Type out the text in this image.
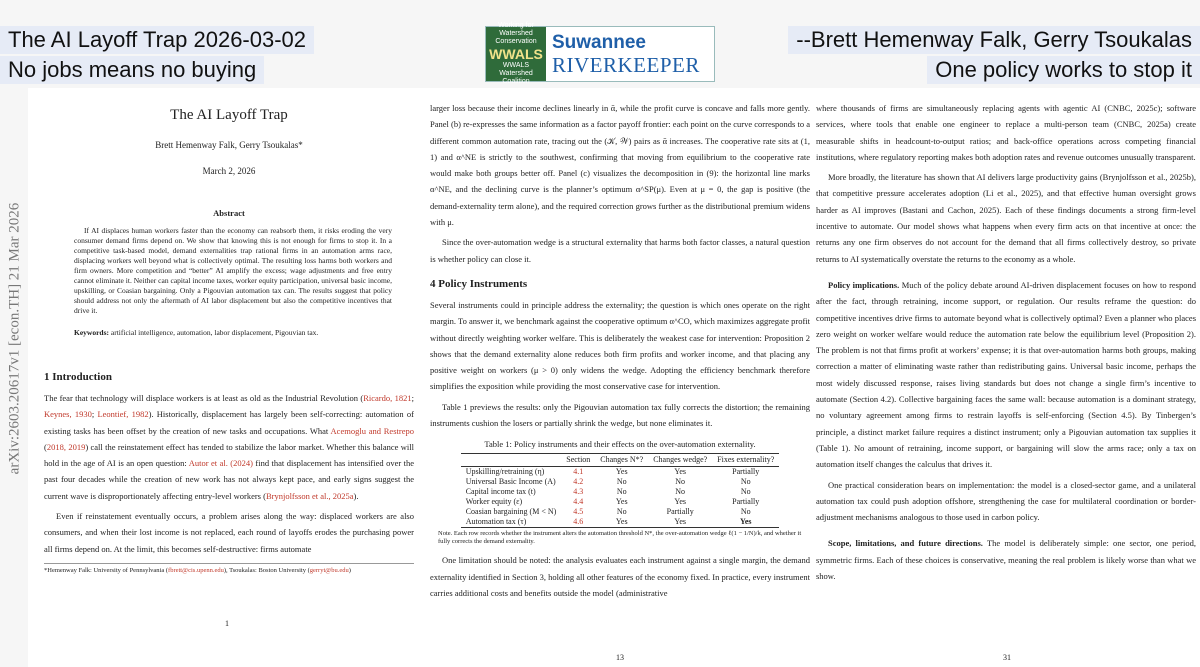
The AI Layoff Trap 2026-03-02
No jobs means no buying
--Brett Hemenway Falk, Gerry Tsoukalas
One policy works to stop it
Working for Watershed Conservation
WWALS
WWALS Watershed Coalition
Suwannee
RIVERKEEPER
arXiv:2603.20617v1 [econ.TH] 21 Mar 2026
The AI Layoff Trap
Brett Hemenway Falk, Gerry Tsoukalas*
March 2, 2026
Abstract
If AI displaces human workers faster than the economy can reabsorb them, it risks eroding the very consumer demand firms depend on. We show that knowing this is not enough for firms to stop it. In a competitive task-based model, demand externalities trap rational firms in an automation arms race, displacing workers well beyond what is collectively optimal. The resulting loss harms both workers and firm owners. More competition and “better” AI amplify the excess; wage adjustments and free entry cannot eliminate it. Neither can capital income taxes, worker equity participation, universal basic income, upskilling, or Coasian bargaining. Only a Pigouvian automation tax can. The results suggest that policy should address not only the aftermath of AI labor displacement but also the competitive incentives that drive it.
Keywords: artificial intelligence, automation, labor displacement, Pigouvian tax.
1 Introduction
The fear that technology will displace workers is at least as old as the Industrial Revolution (Ricardo, 1821; Keynes, 1930; Leontief, 1982). Historically, displacement has largely been self-correcting: automation of existing tasks has been offset by the creation of new tasks and occupations. What Acemoglu and Restrepo (2018, 2019) call the reinstatement effect has tended to stabilize the labor market. Whether this balance will hold in the age of AI is an open question: Autor et al. (2024) find that displacement has intensified over the past four decades while the creation of new work has not always kept pace, and early signs suggest the current wave is disproportionately affecting entry-level workers (Brynjolfsson et al., 2025a).
Even if reinstatement eventually occurs, a problem arises along the way: displaced workers are also consumers, and when their lost income is not replaced, each round of layoffs erodes the purchasing power all firms depend on. At the limit, this becomes self-destructive: firms automate
*Hemenway Falk: University of Pennsylvania (fbrett@cis.upenn.edu), Tsoukalas: Boston University (gerryt@bu.edu)
1
larger loss because their income declines linearly in ᾱ, while the profit curve is concave and falls more gently. Panel (b) re-expresses the same information as a factor payoff frontier: each point on the curve corresponds to a different common automation rate, tracing out the (𝒦, 𝒲) pairs as ᾱ increases. The cooperative rate sits at (1, 1) and α^NE is strictly to the southwest, confirming that moving from equilibrium to the cooperative rate would make both groups better off. Panel (c) visualizes the decomposition in (9): the horizontal line marks α^NE, and the declining curve is the planner’s optimum α^SP(μ). Even at μ = 0, the gap is positive (the demand-externality term alone), and the required correction grows further as the distributional premium widens with μ.
Since the over-automation wedge is a structural externality that harms both factor classes, a natural question is whether policy can close it.
4 Policy Instruments
Several instruments could in principle address the externality; the question is which ones operate on the right margin. To answer it, we benchmark against the cooperative optimum α^CO, which maximizes aggregate profit without directly weighting worker welfare. This is deliberately the weakest case for intervention: Proposition 2 shows that the demand externality alone reduces both firm profits and worker income, and that placing any positive weight on workers (μ > 0) only widens the wedge. Adopting the efficiency benchmark therefore simplifies the exposition while providing the most conservative case for intervention.
Table 1 previews the results: only the Pigouvian automation tax fully corrects the distortion; the remaining instruments cushion the losers or partially shrink the wedge, but none eliminates it.
Table 1: Policy instruments and their effects on the over-automation externality.
	Section	Changes N*?	Changes wedge?	Fixes externality?
Upskilling/retraining (η)	4.1	Yes	Yes	Partially
Universal Basic Income (A)	4.2	No	No	No
Capital income tax (t)	4.3	No	No	No
Worker equity (ε)	4.4	Yes	Yes	Partially
Coasian bargaining (M < N)	4.5	No	Partially	No
Automation tax (τ)	4.6	Yes	Yes	Yes
Note. Each row records whether the instrument alters the automation threshold N*, the over-automation wedge ℓ(1 − 1/N)/k, and whether it fully corrects the demand externality.
One limitation should be noted: the analysis evaluates each instrument against a single margin, the demand externality identified in Section 3, holding all other features of the economy fixed. In practice, every instrument carries additional costs and benefits outside the model (administrative
13
where thousands of firms are simultaneously replacing agents with agentic AI (CNBC, 2025c); software services, where tools that enable one engineer to replace a multi-person team (CNBC, 2025a) create measurable shifts in headcount-to-output ratios; and back-office operations across competing financial institutions, where regulatory reporting makes both adoption rates and revenue outcomes unusually transparent.
More broadly, the literature has shown that AI delivers large productivity gains (Brynjolfsson et al., 2025b), that competitive pressure accelerates adoption (Li et al., 2025), and that effective human oversight grows harder as AI improves (Bastani and Cachon, 2025). Each of these findings documents a strong firm-level incentive to automate. Our model shows what happens when every firm acts on that incentive at once: the returns any one firm observes do not account for the demand that all firms collectively destroy, so private returns to AI systematically overstate the returns to the economy as a whole.
Policy implications. Much of the policy debate around AI-driven displacement focuses on how to respond after the fact, through retraining, income support, or regulation. Our results reframe the question: do competitive incentives drive firms to automate beyond what is collectively optimal? Even a planner who places zero weight on worker welfare would reduce the automation rate below the equilibrium level (Proposition 2). The problem is not that firms profit at workers’ expense; it is that over-automation harms both groups, making correction a matter of eliminating waste rather than redistributing gains. Universal basic income, perhaps the most widely discussed response, raises living standards but does not change a single firm’s incentive to automate (Section 4.2). Collective bargaining faces the same wall: because automation is a dominant strategy, no voluntary agreement among firms to restrain layoffs is self-enforcing (Section 4.5). By Tinbergen’s principle, a distinct market failure requires a distinct instrument; only a Pigouvian automation tax supplies it (Table 1). No amount of retraining, income support, or bargaining will slow the arms race; only a tax on automation itself changes the calculus that drives it.
One practical consideration bears on implementation: the model is a closed-sector game, and a unilateral automation tax could push adoption offshore, strengthening the case for multilateral coordination or border-adjustment mechanisms analogous to those used in carbon policy.
Scope, limitations, and future directions. The model is deliberately simple: one sector, one period, symmetric firms. Each of these choices is conservative, meaning the real problem is likely worse than what we show.
31
